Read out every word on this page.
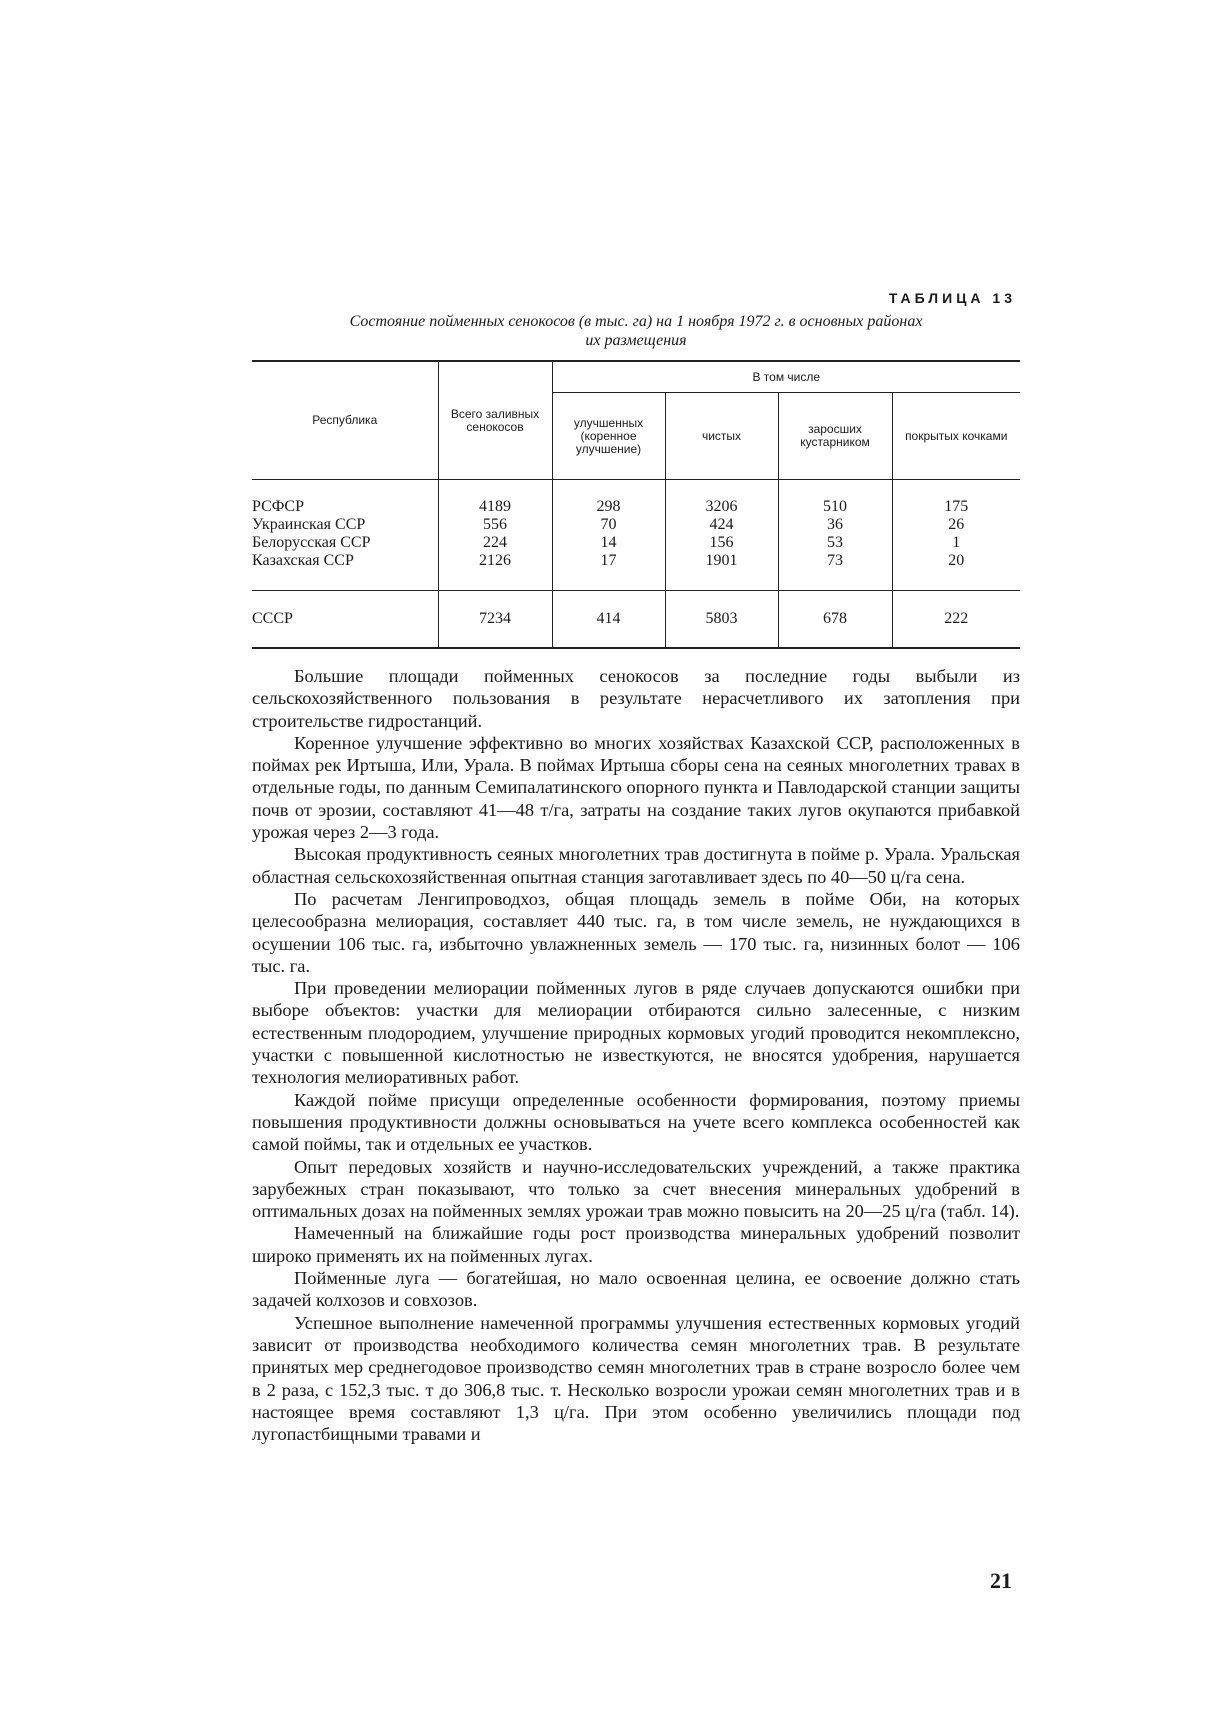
ТАБЛИЦА 13
Состояние пойменных сенокосов (в тыс. га) на 1 ноября 1972 г. в основных районах
их размещения
Республика	Всего заливных сенокосов	В том числе			
		улучшенных (коренное улучшение)	чистых	заросших кустарником	покрытых кочками
РСФСР	4189	298	3206	510	175
Украинская ССР	556	70	424	36	26
Белорусская ССР	224	14	156	53	1
Казахская ССР	2126	17	1901	73	20
СССР	7234	414	5803	678	222

Большие площади пойменных сенокосов за последние годы выбыли из сельскохозяйственного пользования в результате нерасчетливого их затопления при строительстве гидростанций.

Коренное улучшение эффективно во многих хозяйствах Казахской ССР, расположенных в поймах рек Иртыша, Или, Урала. В поймах Иртыша сборы сена на сеяных многолетних травах в отдельные годы, по данным Семипалатинского опорного пункта и Павлодарской станции защиты почв от эрозии, составляют 41—48 т/га, затраты на создание таких лугов окупаются прибавкой урожая через 2—3 года.

Высокая продуктивность сеяных многолетних трав достигнута в пойме р. Урала. Уральская областная сельскохозяйственная опытная станция заготавливает здесь по 40—50 ц/га сена.

По расчетам Ленгипроводхоз, общая площадь земель в пойме Оби, на которых целесообразна мелиорация, составляет 440 тыс. га, в том числе земель, не нуждающихся в осушении 106 тыс. га, избыточно увлажненных земель — 170 тыс. га, низинных болот — 106 тыс. га.

При проведении мелиорации пойменных лугов в ряде случаев допускаются ошибки при выборе объектов: участки для мелиорации отбираются сильно залесенные, с низким естественным плодородием, улучшение природных кормовых угодий проводится некомплексно, участки с повышенной кислотностью не известкуются, не вносятся удобрения, нарушается технология мелиоративных работ.

Каждой пойме присущи определенные особенности формирования, поэтому приемы повышения продуктивности должны основываться на учете всего комплекса особенностей как самой поймы, так и отдельных ее участков.

Опыт передовых хозяйств и научно-исследовательских учреждений, а также практика зарубежных стран показывают, что только за счет внесения минеральных удобрений в оптимальных дозах на пойменных землях урожаи трав можно повысить на 20—25 ц/га (табл. 14).

Намеченный на ближайшие годы рост производства минеральных удобрений позволит широко применять их на пойменных лугах.

Пойменные луга — богатейшая, но мало освоенная целина, ее освоение должно стать задачей колхозов и совхозов.

Успешное выполнение намеченной программы улучшения естественных кормовых угодий зависит от производства необходимого количества семян многолетних трав. В результате принятых мер среднегодовое производство семян многолетних трав в стране возросло более чем в 2 раза, с 152,3 тыс. т до 306,8 тыс. т. Несколько возросли урожаи семян многолетних трав и в настоящее время составляют 1,3 ц/га. При этом особенно увеличились площади под лугопастбищными травами и

21
